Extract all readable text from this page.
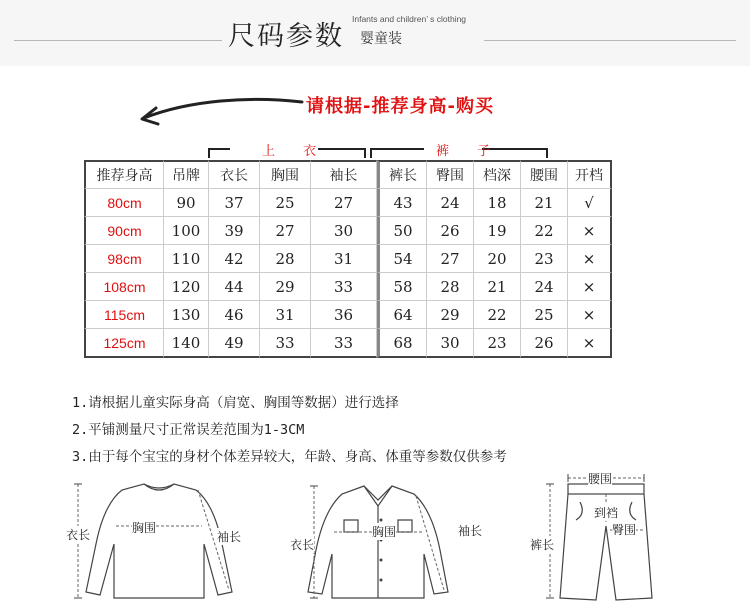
尺码参数
Infants and children’ s clothing
婴童装
请根据-推荐身高-购买
上 衣	裤 子
推荐身高	吊牌	衣长	胸围	袖长	裤长	臀围	档深	腰围	开档
80cm	90	37	25	27	43	24	18	21	√
90cm	100	39	27	30	50	26	19	22	×
98cm	110	42	28	31	54	27	20	23	×
108cm	120	44	29	33	58	28	21	24	×
115cm	130	46	31	36	64	29	22	25	×
125cm	140	49	33	33	68	30	23	26	×
1.请根据儿童实际身高（肩宽、胸围等数据）进行选择
2.平铺测量尺寸正常误差范围为1-3CM
3.由于每个宝宝的身材个体差异较大，年龄、身高、体重等参数仅供参考
衣长	胸围
袖长
衣长
胸围	袖长
腰围
到裆
臀围
裤长
